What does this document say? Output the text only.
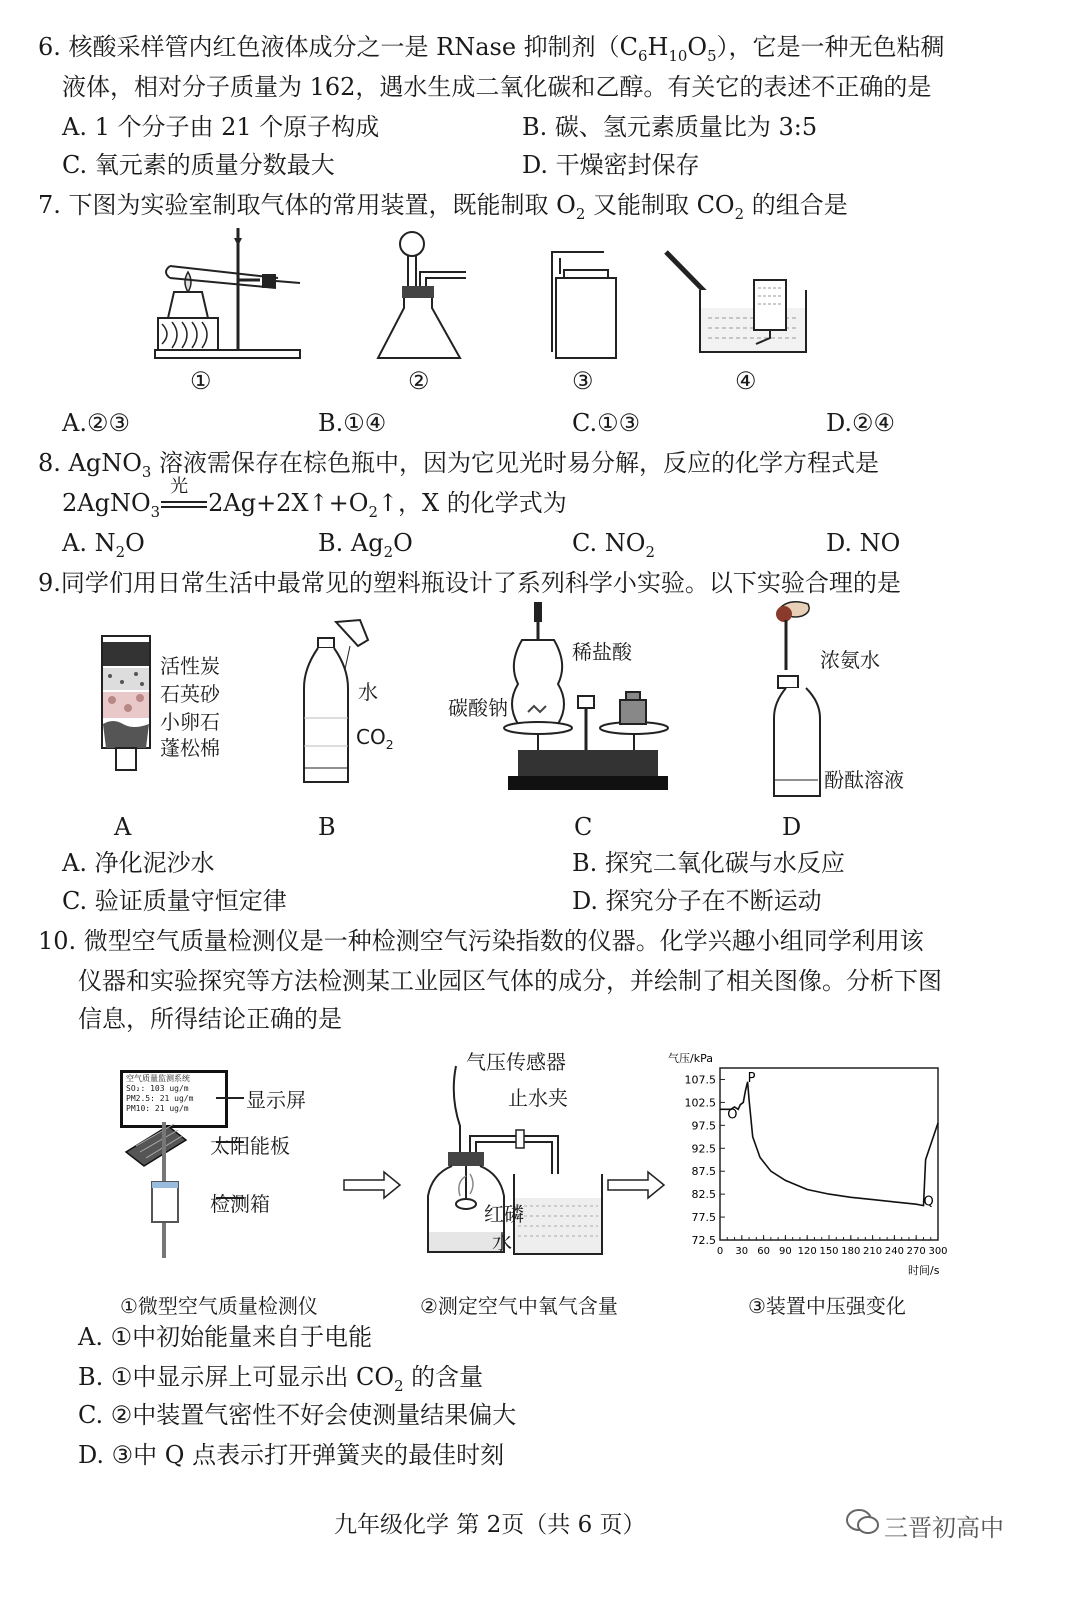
6. 核酸采样管内红色液体成分之一是 RNase 抑制剂$(C_6H_{10}O_5)$，它是一种无色粘稠
液体，相对分子质量为 162，遇水生成二氧化碳和乙醇。有关它的表述不正确的是
A. 1 个分子由 21 个原子构成	B. 碳、氢元素质量比为 3:5
C. 氧元素的质量分数最大	D. 干燥密封保存
7. 下图为实验室制取气体的常用装置，既能制取 $O_2$ 又能制取 $CO_2$ 的组合是
①	②	③	④
A.②③	B.①④	C.①③	D.②④
8. AgNO$_3$ 溶液需保存在棕色瓶中，因为它见光时易分解，反应的化学方程式是
2AgNO$_3$
光
$2Ag+2X↑+O_2↑$，X 的化学式为
A. $N_2O$	B. $Ag_2O$	C. $NO_2$	D. NO
9.同学们用日常生活中最常见的塑料瓶设计了系列科学小实验。以下实验合理的是
活性炭
石英砂
小卵石
蓬松棉
A
水
$CO_2$
B
稀盐酸
碳酸钠
C
浓氨水
酚酞溶液
D
A. 净化泥沙水	B. 探究二氧化碳与水反应
C. 验证质量守恒定律	D. 探究分子在不断运动
10. 微型空气质量检测仪是一种检测空气污染指数的仪器。化学兴趣小组同学利用该
仪器和实验探究等方法检测某工业园区气体的成分，并绘制了相关图像。分析下图
信息，所得结论正确的是
空气质量监测系统
SO₂: 103 ug/m
PM2.5: 21 ug/m
PM10: 21 ug/m	显示屏
太阳能板
检测箱
①微型空气质量检测仪
气压传感器
止水夹
红磷
水
②测定空气中氧气含量
气压/kPa
时间/s
72.5
77.5
82.5
87.5
92.5
97.5
102.5
107.5
0 30 60 90 120 150 180 210 240 270 300
P
O
Q
③装置中压强变化
A. ①中初始能量来自于电能
B. ①中显示屏上可显示出 $CO_2$ 的含量
C. ②中装置气密性不好会使测量结果偏大
D. ③中 Q 点表示打开弹簧夹的最佳时刻
九年级化学 第 2页（共 6 页）	三晋初高中
